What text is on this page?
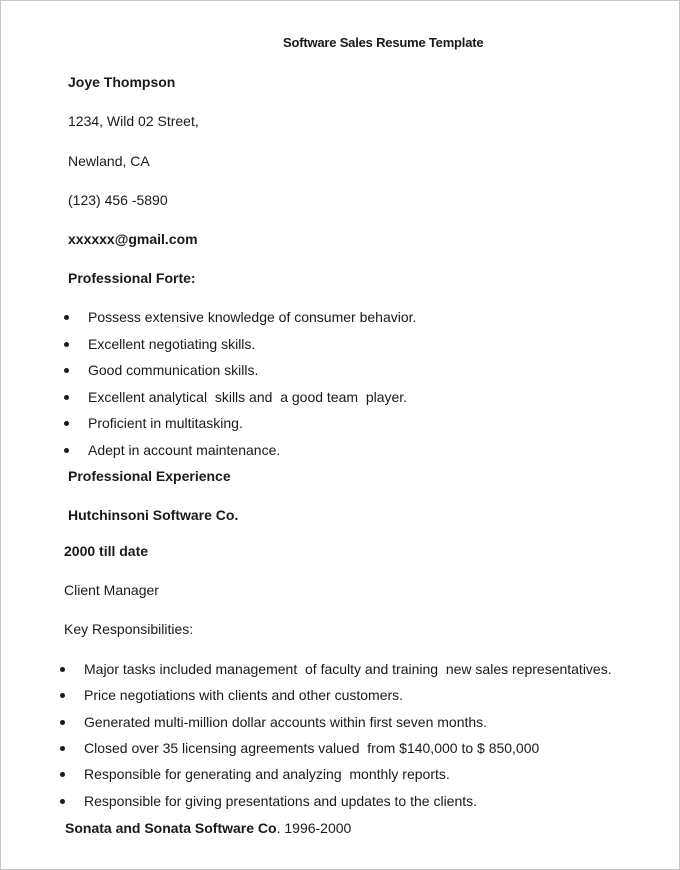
Software Sales Resume Template
Joye Thompson
1234, Wild 02 Street,
Newland, CA
(123) 456 -5890
xxxxxx@gmail.com
Professional Forte:
Possess extensive knowledge of consumer behavior.
Excellent negotiating skills.
Good communication skills.
Excellent analytical  skills and  a good team  player.
Proficient in multitasking.
Adept in account maintenance.
Professional Experience
Hutchinsoni Software Co.
2000 till date
Client Manager
Key Responsibilities:
Major tasks included management  of faculty and training  new sales representatives.
Price negotiations with clients and other customers.
Generated multi-million dollar accounts within first seven months.
Closed over 35 licensing agreements valued  from $140,000 to $ 850,000
Responsible for generating and analyzing  monthly reports.
Responsible for giving presentations and updates to the clients.
Sonata and Sonata Software Co. 1996-2000
